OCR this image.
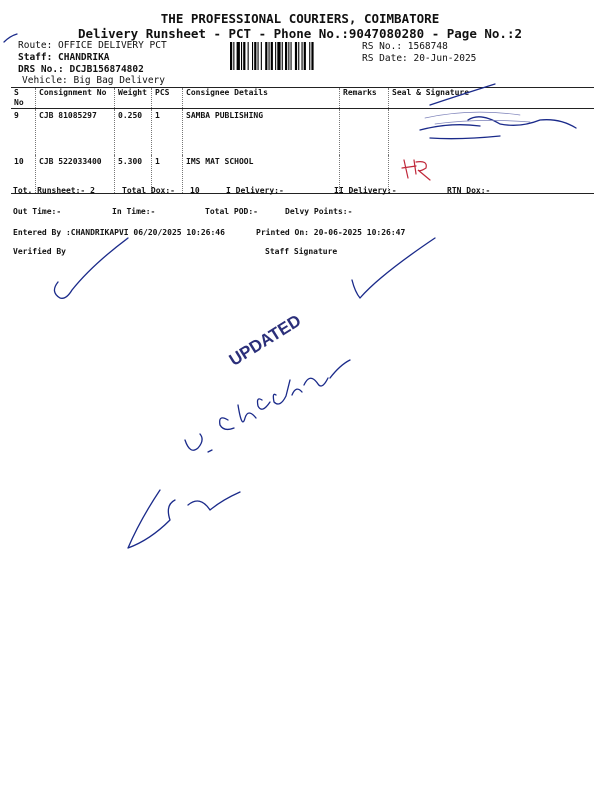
THE PROFESSIONAL COURIERS, COIMBATORE
Delivery Runsheet - PCT - Phone No.:9047080280 - Page No.:2
Route: OFFICE DELIVERY PCT
Staff: CHANDRIKA
DRS No.: DCJB156874802
Vehicle: Big Bag Delivery
RS No.: 1568748
RS Date: 20-Jun-2025
S No	Consignment No	Weight	PCS	Consignee Details	Remarks	Seal & Signature
9	CJB 81085297	0.250	1	SAMBA PUBLISHING		
10	CJB 522033400	5.300	1	IMS MAT SCHOOL		
Tot. Runsheet:- 2	Total Dox:- 10	I Delivery:-	II Delivery:-	RTN Dox:-
Out Time:-	In Time:-	Total POD:-	Delvy Points:-
Entered By :CHANDRIKAPVI 06/20/2025 10:26:46	Printed On: 20-06-2025 10:26:47
Verified By	Staff Signature
UPDATED
